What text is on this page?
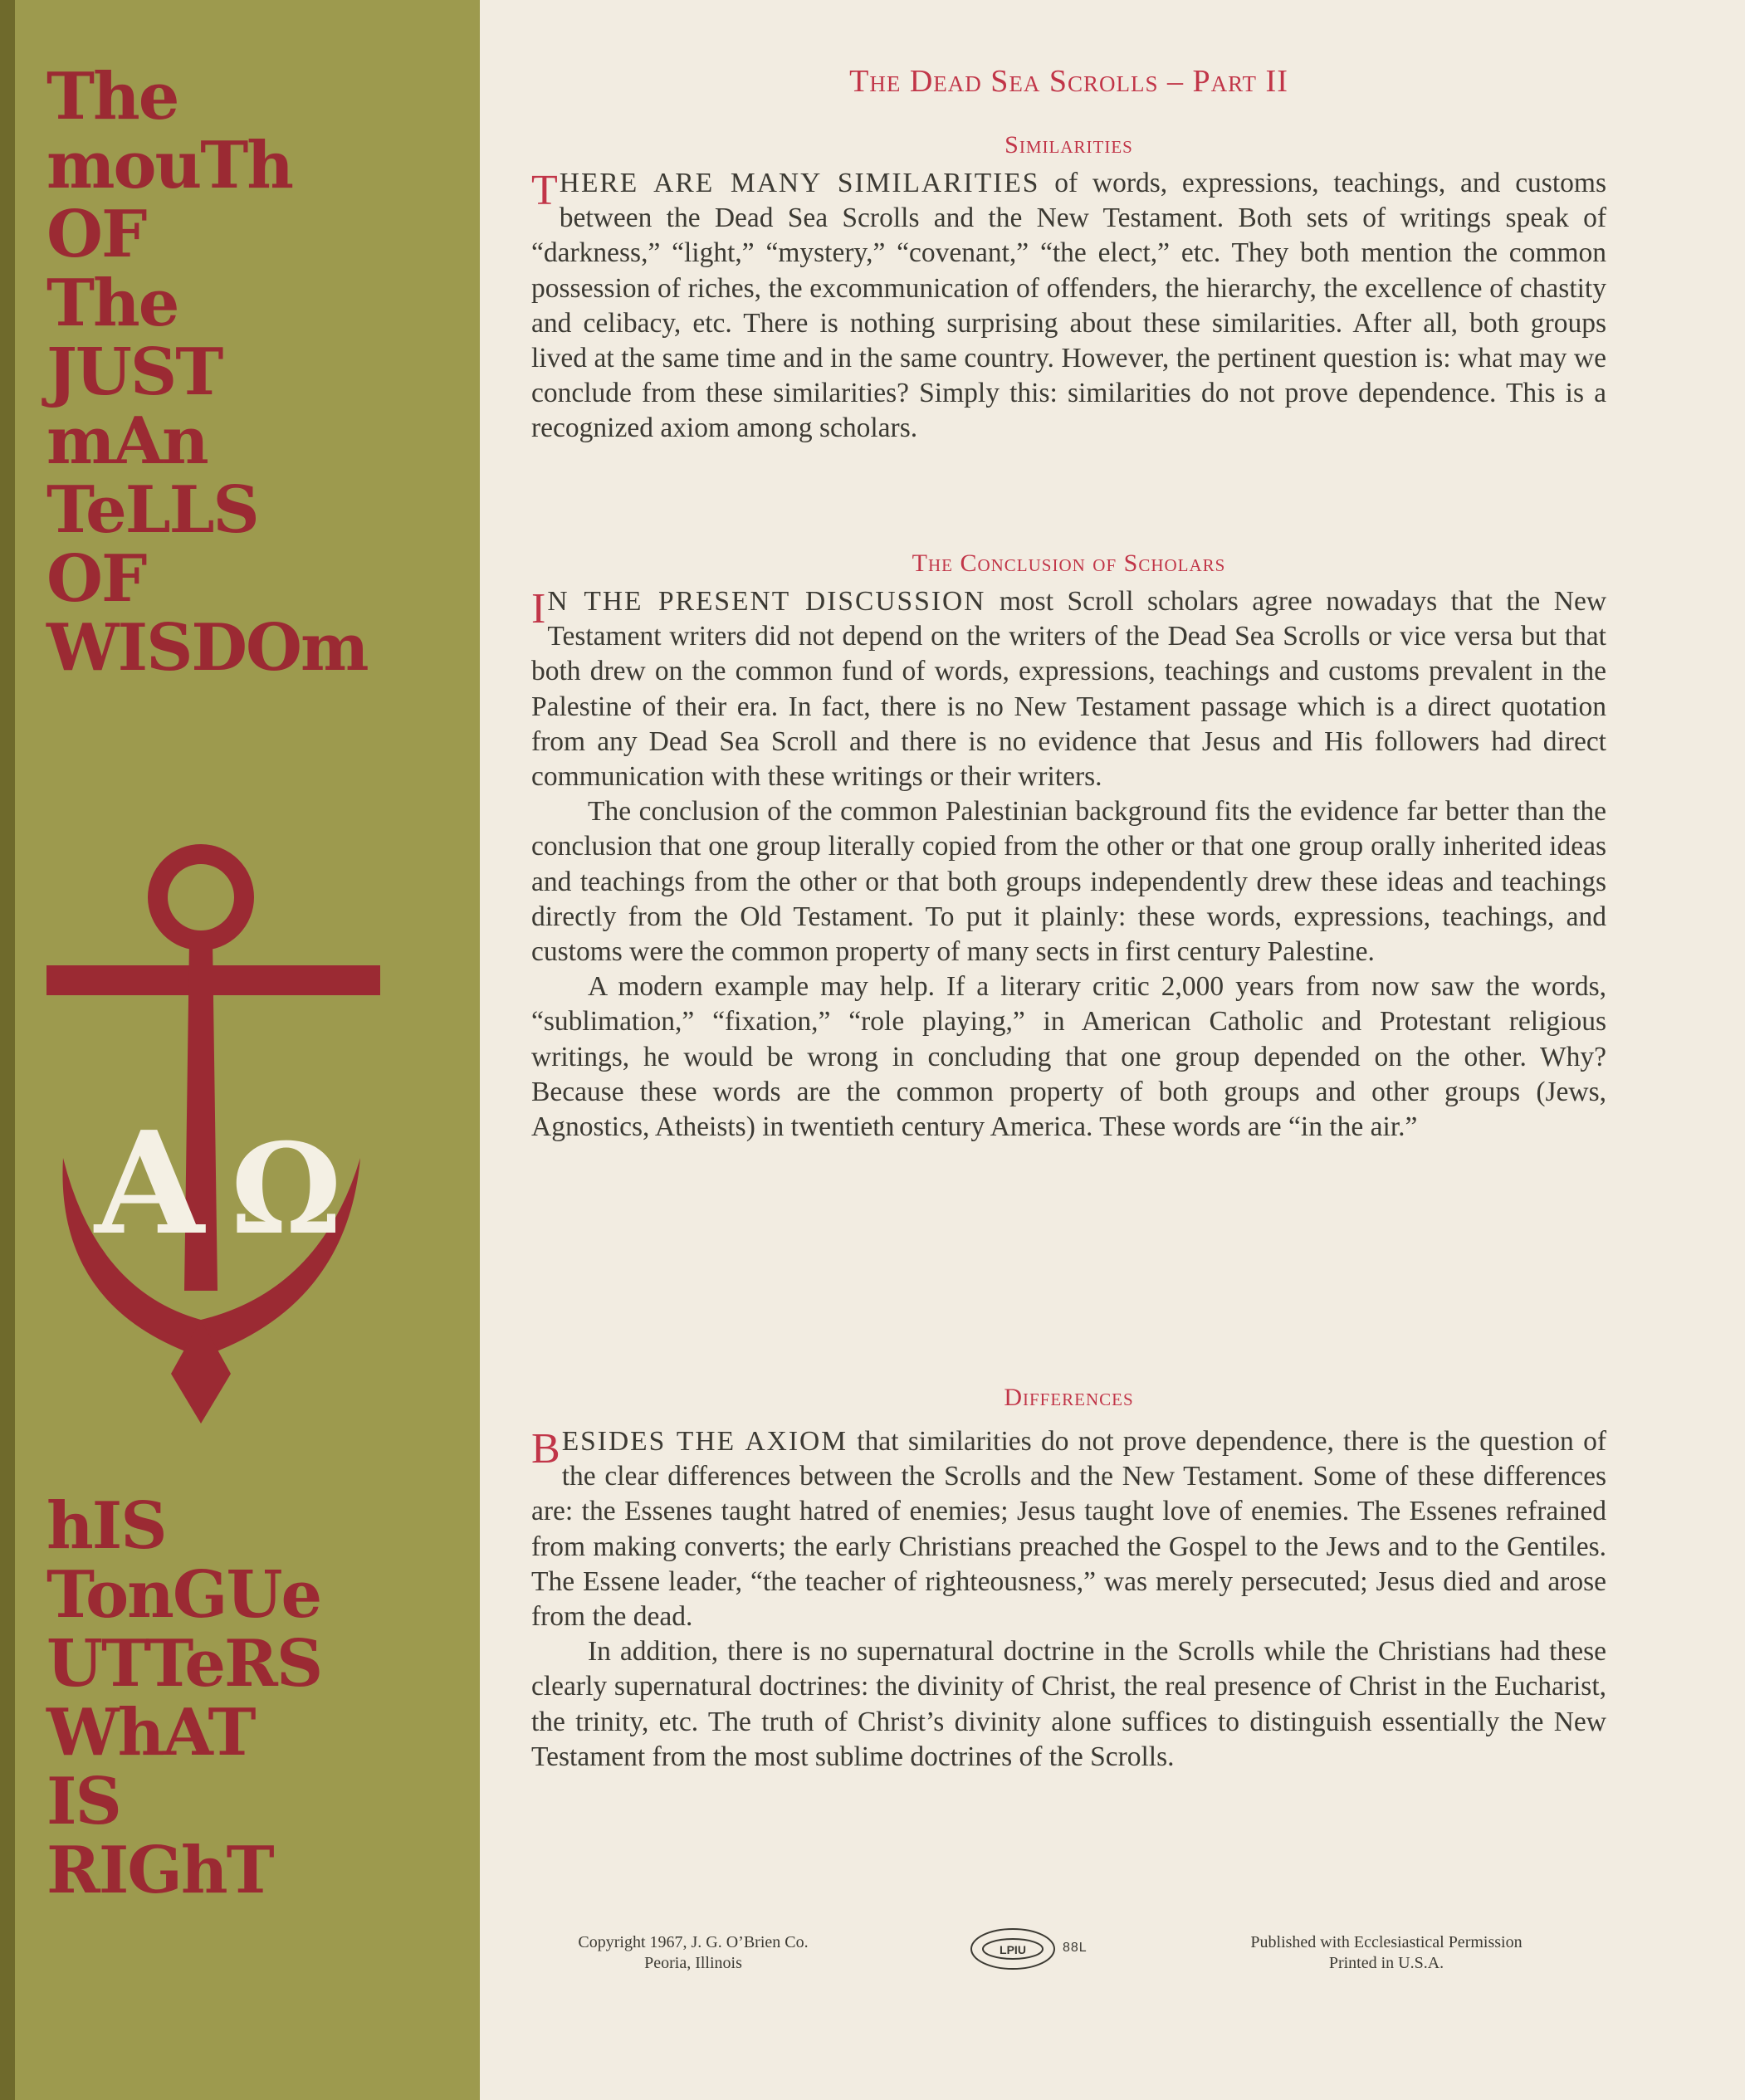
The
mouTh
OF
The
JUST
mAn
TeLLS
OF
WISDOm
A Ω
hIS
TonGUe
UTTeRS
WhAT
IS
RIGhT
The Dead Sea Scrolls – Part II
Similarities

THERE ARE MANY SIMILARITIES of words, expressions, teachings, and customs between the Dead Sea Scrolls and the New Testament. Both sets of writings speak of “darkness,” “light,” “mystery,” “covenant,” “the elect,” etc. They both mention the common possession of riches, the excommunication of offenders, the hierarchy, the excellence of chastity and celibacy, etc. There is nothing surprising about these similarities. After all, both groups lived at the same time and in the same country. However, the pertinent question is: what may we conclude from these similarities? Simply this: similarities do not prove dependence. This is a recognized axiom among scholars.

The Conclusion of Scholars

I N THE PRESENT DISCUSSION most Scroll scholars agree nowadays that the New Testament writers did not depend on the writers of the Dead Sea Scrolls or vice versa but that both drew on the common fund of words, expressions, teachings and customs prevalent in the Palestine of their era. In fact, there is no New Testament passage which is a direct quotation from any Dead Sea Scroll and there is no evidence that Jesus and His followers had direct communication with these writings or their writers.

The conclusion of the common Palestinian background fits the evidence far better than the conclusion that one group literally copied from the other or that one group orally inherited ideas and teachings from the other or that both groups independently drew these ideas and teachings directly from the Old Testament. To put it plainly: these words, expressions, teachings, and customs were the common property of many sects in first century Palestine.

A modern example may help. If a literary critic 2,000 years from now saw the words, “sublimation,” “fixation,” “role playing,” in American Catholic and Protestant religious writings, he would be wrong in concluding that one group depended on the other. Why? Because these words are the common property of both groups and other groups (Jews, Agnostics, Atheists) in twentieth century America. These words are “in the air.”

Differences

BESIDES THE AXIOM that similarities do not prove dependence, there is the question of the clear differences between the Scrolls and the New Testament. Some of these differences are: the Essenes taught hatred of enemies; Jesus taught love of enemies. The Essenes refrained from making converts; the early Christians preached the Gospel to the Jews and to the Gentiles. The Essene leader, “the teacher of righteousness,” was merely persecuted; Jesus died and arose from the dead.

In addition, there is no supernatural doctrine in the Scrolls while the Christians had these clearly supernatural doctrines: the divinity of Christ, the real presence of Christ in the Eucharist, the trinity, etc. The truth of Christ’s divinity alone suffices to distinguish essentially the New Testament from the most sublime doctrines of the Scrolls.

Copyright 1967, J. G. O’Brien Co.
Peoria, Illinois
LPIU	88L	Published with Ecclesiastical Permission
Printed in U.S.A.
